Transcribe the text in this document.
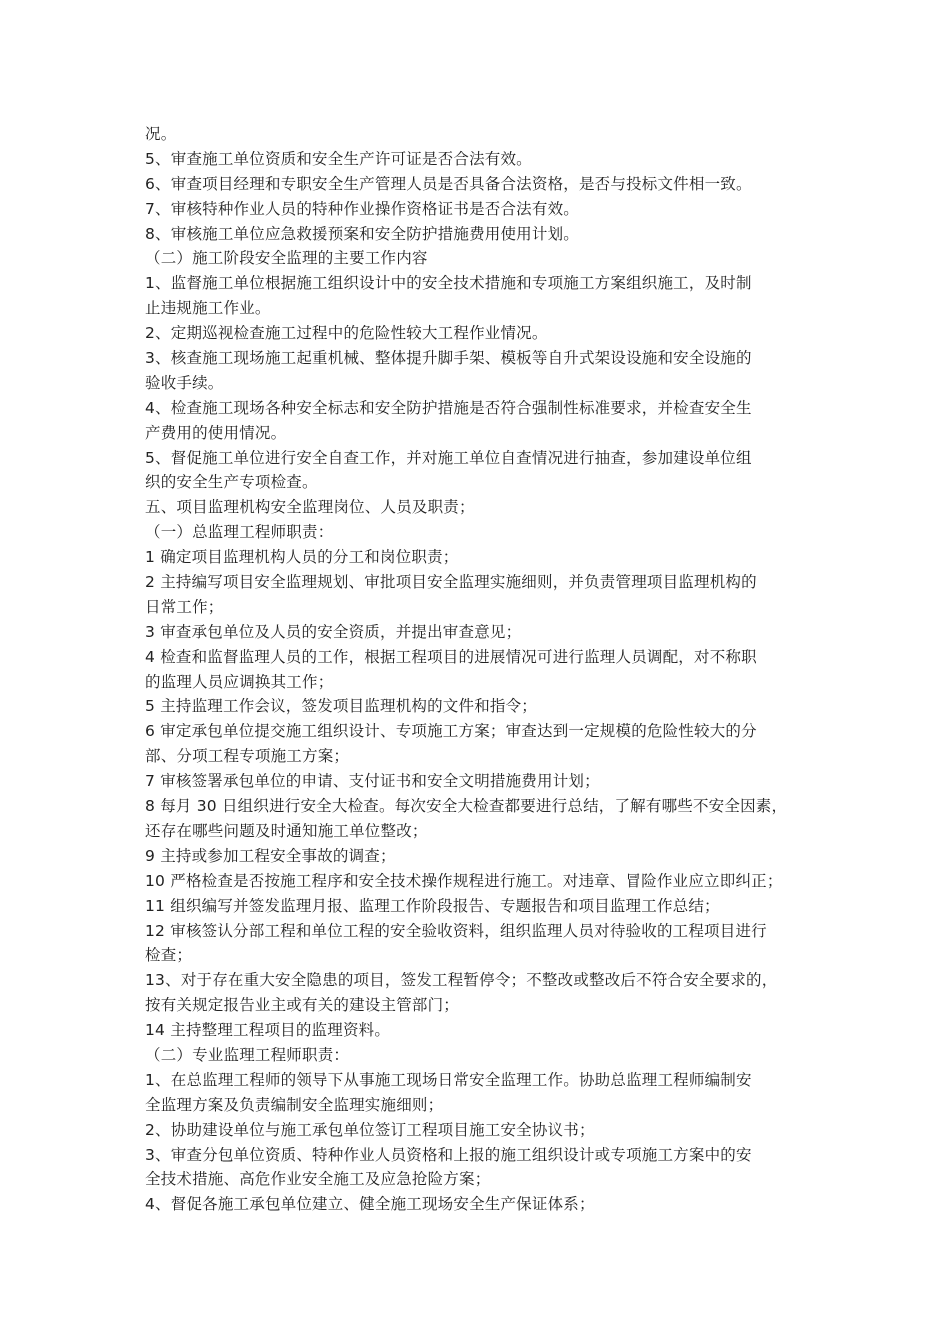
况。
5、审查施工单位资质和安全生产许可证是否合法有效。
6、审查项目经理和专职安全生产管理人员是否具备合法资格，是否与投标文件相一致。
7、审核特种作业人员的特种作业操作资格证书是否合法有效。
8、审核施工单位应急救援预案和安全防护措施费用使用计划。
（二）施工阶段安全监理的主要工作内容
1、监督施工单位根据施工组织设计中的安全技术措施和专项施工方案组织施工，及时制
止违规施工作业。
2、定期巡视检查施工过程中的危险性较大工程作业情况。
3、核查施工现场施工起重机械、整体提升脚手架、模板等自升式架设设施和安全设施的
验收手续。
4、检查施工现场各种安全标志和安全防护措施是否符合强制性标准要求，并检查安全生
产费用的使用情况。
5、督促施工单位进行安全自查工作，并对施工单位自查情况进行抽查，参加建设单位组
织的安全生产专项检查。
五、项目监理机构安全监理岗位、人员及职责；
（一）总监理工程师职责：
1 确定项目监理机构人员的分工和岗位职责；
2 主持编写项目安全监理规划、审批项目安全监理实施细则，并负责管理项目监理机构的
日常工作；
3 审查承包单位及人员的安全资质，并提出审查意见；
4 检查和监督监理人员的工作，根据工程项目的进展情况可进行监理人员调配，对不称职
的监理人员应调换其工作；
5 主持监理工作会议，签发项目监理机构的文件和指令；
6 审定承包单位提交施工组织设计、专项施工方案；审查达到一定规模的危险性较大的分
部、分项工程专项施工方案；
7 审核签署承包单位的申请、支付证书和安全文明措施费用计划；
8 每月 30 日组织进行安全大检查。每次安全大检查都要进行总结，了解有哪些不安全因素，
还存在哪些问题及时通知施工单位整改；
9 主持或参加工程安全事故的调查；
10 严格检查是否按施工程序和安全技术操作规程进行施工。对违章、冒险作业应立即纠正；
11 组织编写并签发监理月报、监理工作阶段报告、专题报告和项目监理工作总结；
12 审核签认分部工程和单位工程的安全验收资料，组织监理人员对待验收的工程项目进行
检查；
13、对于存在重大安全隐患的项目，签发工程暂停令；不整改或整改后不符合安全要求的，
按有关规定报告业主或有关的建设主管部门；
14 主持整理工程项目的监理资料。
（二）专业监理工程师职责：
1、在总监理工程师的领导下从事施工现场日常安全监理工作。协助总监理工程师编制安
全监理方案及负责编制安全监理实施细则；
2、协助建设单位与施工承包单位签订工程项目施工安全协议书；
3、审查分包单位资质、特种作业人员资格和上报的施工组织设计或专项施工方案中的安
全技术措施、高危作业安全施工及应急抢险方案；
4、督促各施工承包单位建立、健全施工现场安全生产保证体系；
